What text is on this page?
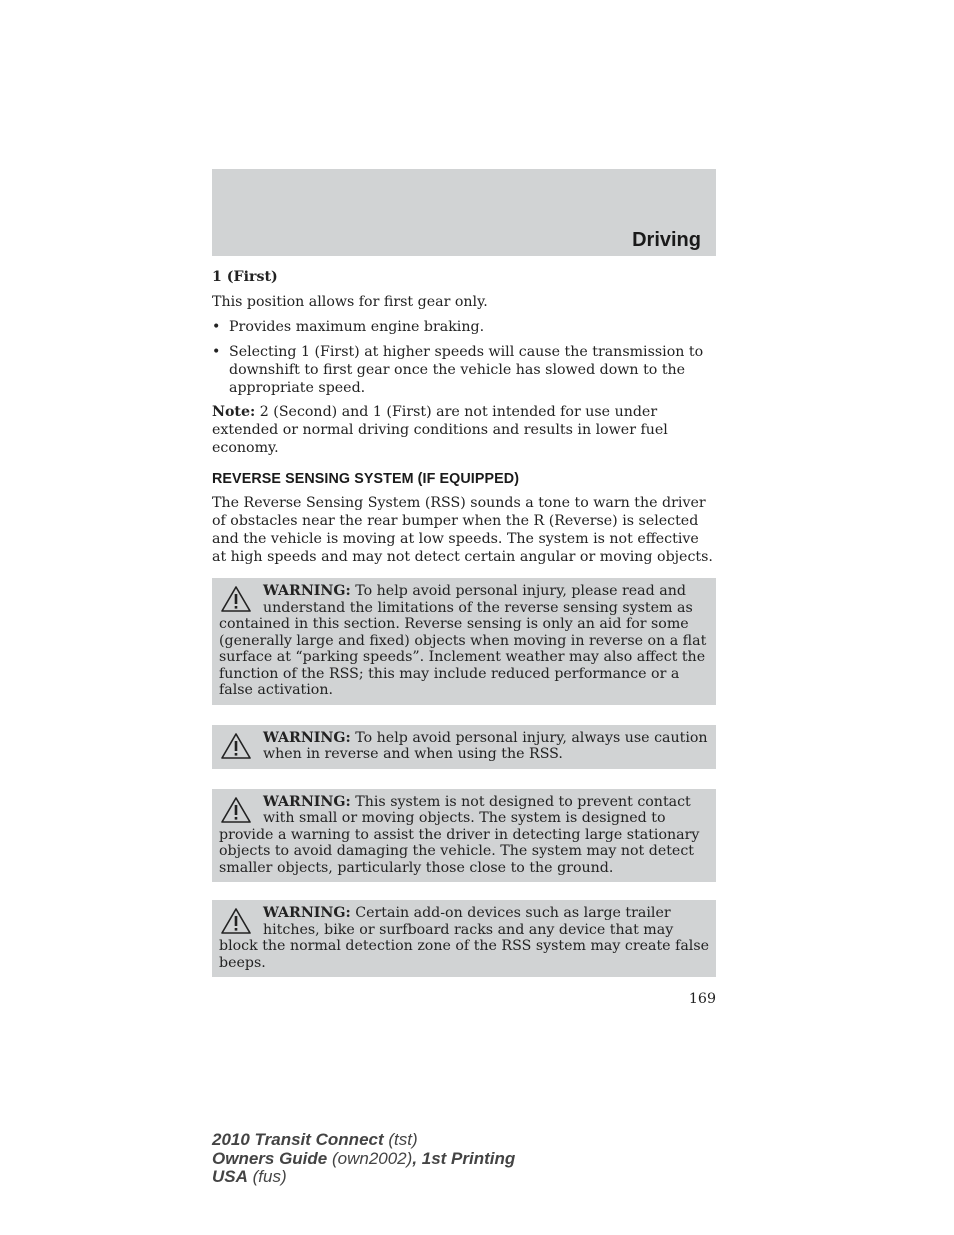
Driving
1 (First)

This position allows for first gear only.

• Provides maximum engine braking.
• Selecting 1 (First) at higher speeds will cause the transmission to downshift to first gear once the vehicle has slowed down to the appropriate speed.

Note: 2 (Second) and 1 (First) are not intended for use under extended or normal driving conditions and results in lower fuel economy.

REVERSE SENSING SYSTEM (IF EQUIPPED)

The Reverse Sensing System (RSS) sounds a tone to warn the driver of obstacles near the rear bumper when the R (Reverse) is selected and the vehicle is moving at low speeds. The system is not effective at high speeds and may not detect certain angular or moving objects.

WARNING: To help avoid personal injury, please read and understand the limitations of the reverse sensing system as contained in this section. Reverse sensing is only an aid for some (generally large and fixed) objects when moving in reverse on a flat surface at “parking speeds”. Inclement weather may also affect the function of the RSS; this may include reduced performance or a false activation.
WARNING: To help avoid personal injury, always use caution when in reverse and when using the RSS.
WARNING: This system is not designed to prevent contact with small or moving objects. The system is designed to provide a warning to assist the driver in detecting large stationary objects to avoid damaging the vehicle. The system may not detect smaller objects, particularly those close to the ground.
WARNING: Certain add-on devices such as large trailer hitches, bike or surfboard racks and any device that may block the normal detection zone of the RSS system may create false beeps.
169
2010 Transit Connect (tst)
Owners Guide (own2002), 1st Printing
USA (fus)
